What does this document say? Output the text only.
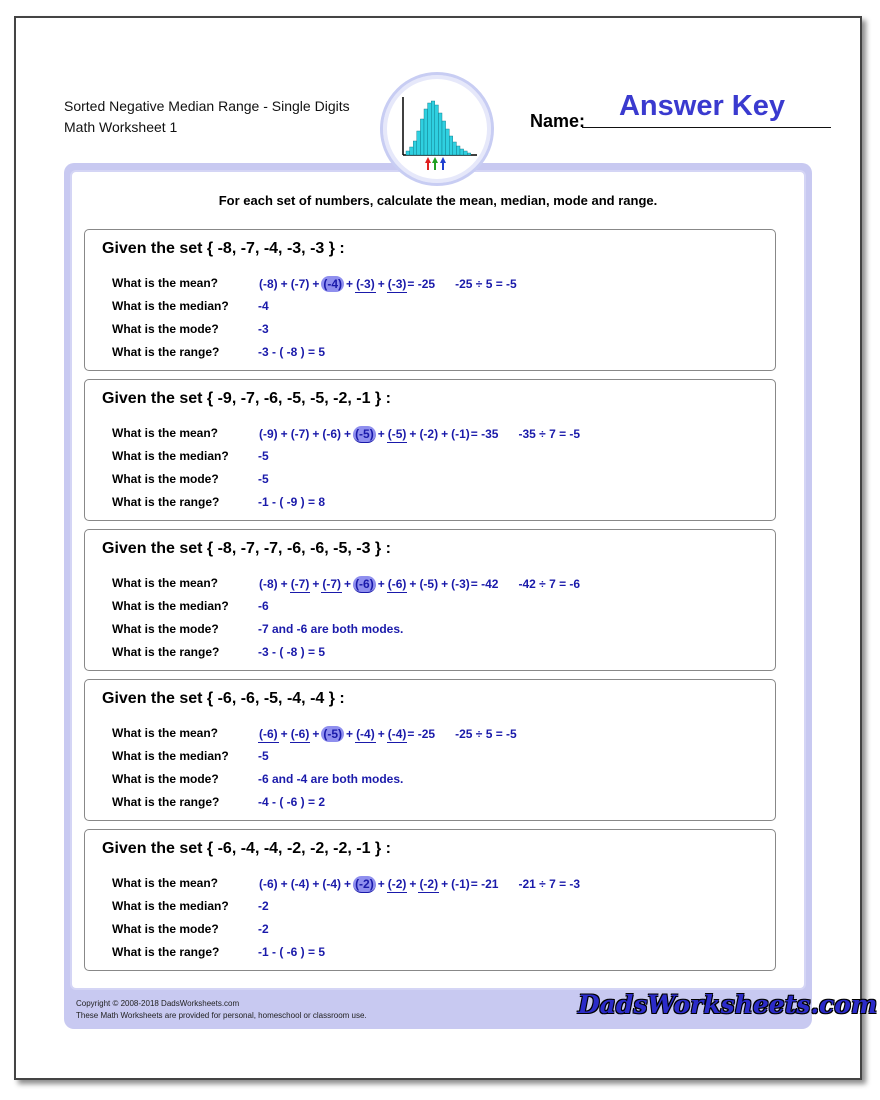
Sorted Negative Median Range - Single Digits
Math Worksheet 1
Answer Key
Name:
For each set of numbers, calculate the mean, median, mode and range.
Given the set { -8, -7, -4, -3, -3 } :
What is the mean?	(-8) + (-7) + (-4) + (-3) + (-3)= -25 -25 ÷ 5 = -5
What is the median? -4
What is the mode?	-3
What is the range?	-3 - ( -8 ) = 5
Given the set { -9, -7, -6, -5, -5, -2, -1 } :
What is the mean?	(-9) + (-7) + (-6) + (-5) + (-5) + (-2) + (-1)= -35 -35 ÷ 7 = -5
What is the median? -5
What is the mode?	-5
What is the range?	-1 - ( -9 ) = 8
Given the set { -8, -7, -7, -6, -6, -5, -3 } :
What is the mean?	(-8) + (-7) + (-7) + (-6) + (-6) + (-5) + (-3)= -42 -42 ÷ 7 = -6
What is the median? -6
What is the mode?	-7 and -6 are both modes.
What is the range?	-3 - ( -8 ) = 5
Given the set { -6, -6, -5, -4, -4 } :
What is the mean?	(-6) + (-6) + (-5) + (-4) + (-4)= -25 -25 ÷ 5 = -5
What is the median? -5
What is the mode?	-6 and -4 are both modes.
What is the range?	-4 - ( -6 ) = 2
Given the set { -6, -4, -4, -2, -2, -2, -1 } :
What is the mean?	(-6) + (-4) + (-4) + (-2) + (-2) + (-2) + (-1)= -21 -21 ÷ 7 = -3
What is the median? -2
What is the mode?	-2
What is the range?	-1 - ( -6 ) = 5
Copyright © 2008-2018 DadsWorksheets.com
These Math Worksheets are provided for personal, homeschool or classroom use.	DadsWorksheets.com
